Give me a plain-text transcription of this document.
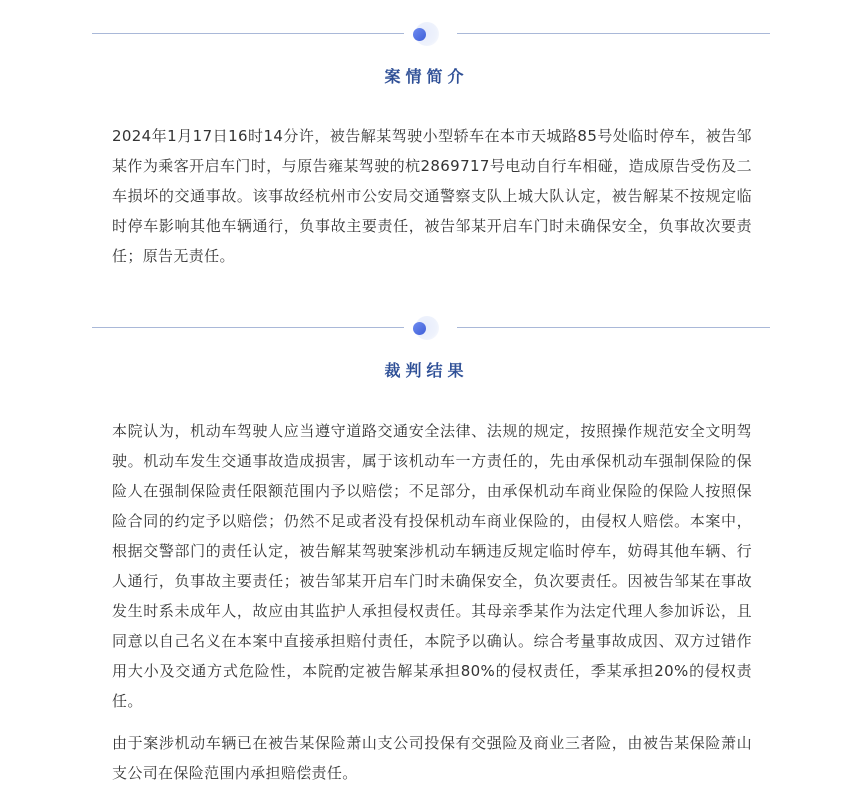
案情简介

2024年1月17日16时14分许，被告解某驾驶小型轿车在本市天城路85号处临时停车，被告邹某作为乘客开启车门时，与原告雍某驾驶的杭2869717号电动自行车相碰，造成原告受伤及二车损坏的交通事故。该事故经杭州市公安局交通警察支队上城大队认定，被告解某不按规定临时停车影响其他车辆通行，负事故主要责任，被告邹某开启车门时未确保安全，负事故次要责任；原告无责任。

裁判结果

本院认为，机动车驾驶人应当遵守道路交通安全法律、法规的规定，按照操作规范安全文明驾驶。机动车发生交通事故造成损害，属于该机动车一方责任的，先由承保机动车强制保险的保险人在强制保险责任限额范围内予以赔偿；不足部分，由承保机动车商业保险的保险人按照保险合同的约定予以赔偿；仍然不足或者没有投保机动车商业保险的，由侵权人赔偿。本案中，根据交警部门的责任认定，被告解某驾驶案涉机动车辆违反规定临时停车，妨碍其他车辆、行人通行，负事故主要责任；被告邹某开启车门时未确保安全，负次要责任。因被告邹某在事故发生时系未成年人，故应由其监护人承担侵权责任。其母亲季某作为法定代理人参加诉讼，且同意以自己名义在本案中直接承担赔付责任，本院予以确认。综合考量事故成因、双方过错作用大小及交通方式危险性，本院酌定被告解某承担80%的侵权责任，季某承担20%的侵权责任。

由于案涉机动车辆已在被告某保险萧山支公司投保有交强险及商业三者险，由被告某保险萧山支公司在保险范围内承担赔偿责任。
